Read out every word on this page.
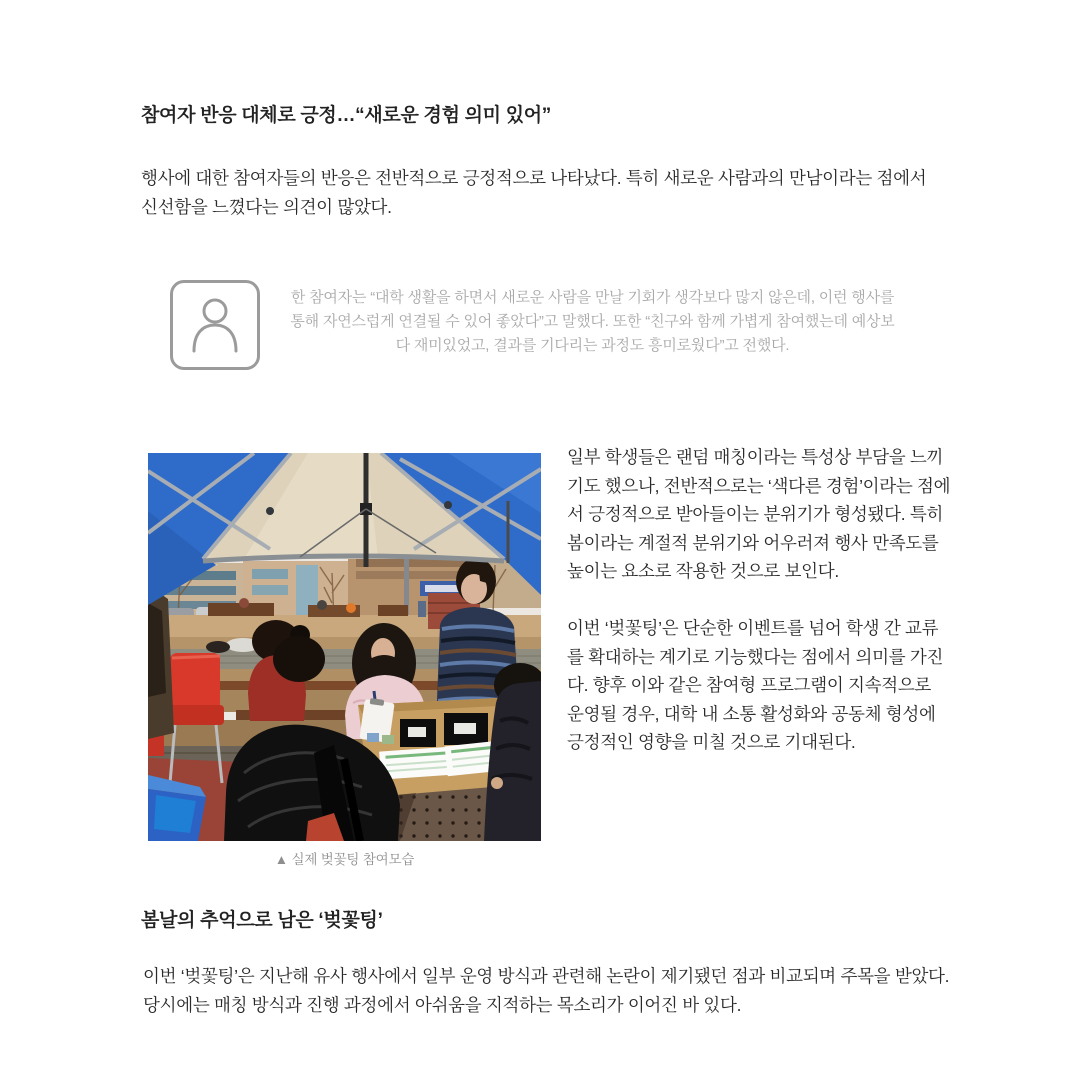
참여자 반응 대체로 긍정…“새로운 경험 의미 있어”

행사에 대한 참여자들의 반응은 전반적으로 긍정적으로 나타났다. 특히 새로운 사람과의 만남이라는 점에서 신선함을 느꼈다는 의견이 많았다.

한 참여자는 “대학 생활을 하면서 새로운 사람을 만날 기회가 생각보다 많지 않은데, 이런 행사를 통해 자연스럽게 연결될 수 있어 좋았다”고 말했다. 또한 “친구와 함께 가볍게 참여했는데 예상보다 재미있었고, 결과를 기다리는 과정도 흥미로웠다”고 전했다.

▲ 실제 벚꽃팅 참여모습

일부 학생들은 랜덤 매칭이라는 특성상 부담을 느끼기도 했으나, 전반적으로는 ‘색다른 경험’이라는 점에서 긍정적으로 받아들이는 분위기가 형성됐다. 특히 봄이라는 계절적 분위기와 어우러져 행사 만족도를 높이는 요소로 작용한 것으로 보인다.

이번 ‘벚꽃팅’은 단순한 이벤트를 넘어 학생 간 교류를 확대하는 계기로 기능했다는 점에서 의미를 가진다. 향후 이와 같은 참여형 프로그램이 지속적으로 운영될 경우, 대학 내 소통 활성화와 공동체 형성에 긍정적인 영향을 미칠 것으로 기대된다.

봄날의 추억으로 남은 ‘벚꽃팅’

이번 ‘벚꽃팅’은 지난해 유사 행사에서 일부 운영 방식과 관련해 논란이 제기됐던 점과 비교되며 주목을 받았다. 당시에는 매칭 방식과 진행 과정에서 아쉬움을 지적하는 목소리가 이어진 바 있다.
